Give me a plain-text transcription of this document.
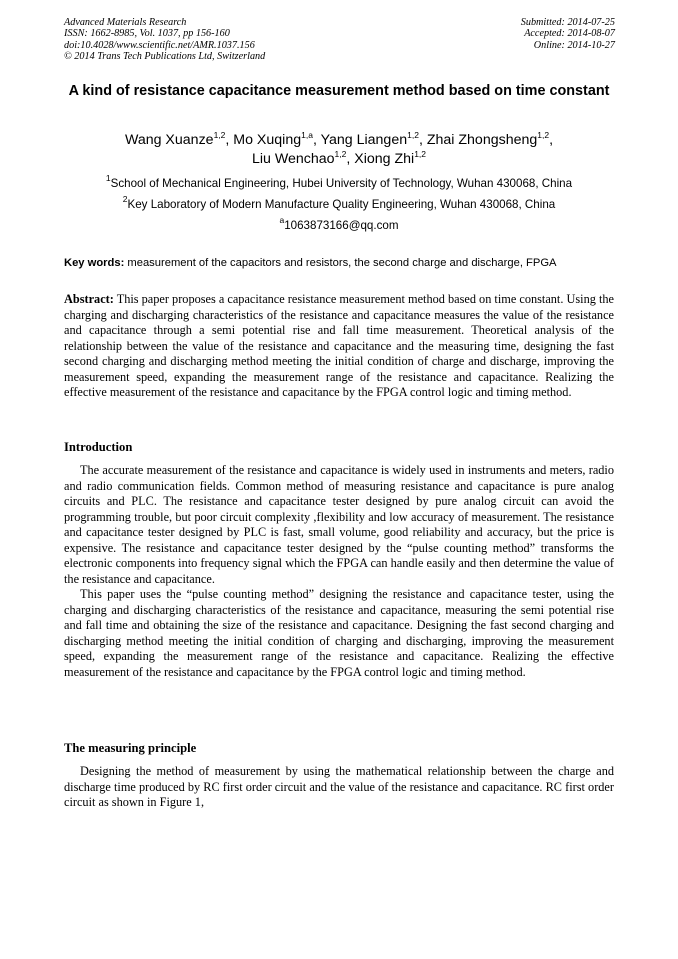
Advanced Materials Research
ISSN: 1662-8985, Vol. 1037, pp 156-160
doi:10.4028/www.scientific.net/AMR.1037.156
© 2014 Trans Tech Publications Ltd, Switzerland
Submitted: 2014-07-25
Accepted: 2014-08-07
Online: 2014-10-27
A kind of resistance capacitance measurement method based on time constant
Wang Xuanze$^{1,2}$, Mo Xuqing$^{1,a}$, Yang Liangen$^{1,2}$, Zhai Zhongsheng$^{1,2}$,
Liu Wenchao$^{1,2}$, Xiong Zhi$^{1,2}$
$^1$School of Mechanical Engineering, Hubei University of Technology, Wuhan 430068, China
$^2$Key Laboratory of Modern Manufacture Quality Engineering, Wuhan 430068, China
$^a$1063873166@qq.com
Key words: measurement of the capacitors and resistors, the second charge and discharge, FPGA
Abstract: This paper proposes a capacitance resistance measurement method based on time constant. Using the charging and discharging characteristics of the resistance and capacitance measures the value of the resistance and capacitance through a semi potential rise and fall time measurement. Theoretical analysis of the relationship between the value of the resistance and capacitance and the measuring time, designing the fast second charging and discharging method meeting the initial condition of charge and discharge, improving the measurement speed, expanding the measurement range of the resistance and capacitance. Realizing the effective measurement of the resistance and capacitance by the FPGA control logic and timing method.
Introduction

The accurate measurement of the resistance and capacitance is widely used in instruments and meters, radio and radio communication fields. Common method of measuring resistance and capacitance is pure analog circuits and PLC. The resistance and capacitance tester designed by pure analog circuit can avoid the programming trouble, but poor circuit complexity ,flexibility and low accuracy of measurement. The resistance and capacitance tester designed by PLC is fast, small volume, good reliability and accuracy, but the price is expensive. The resistance and capacitance tester designed by the “pulse counting method” transforms the electronic components into frequency signal which the FPGA can handle easily and then determine the value of the resistance and capacitance.

This paper uses the “pulse counting method” designing the resistance and capacitance tester, using the charging and discharging characteristics of the resistance and capacitance, measuring the semi potential rise and fall time and obtaining the size of the resistance and capacitance. Designing the fast second charging and discharging method meeting the initial condition of charging and discharging, improving the measurement speed, expanding the measurement range of the resistance and capacitance. Realizing the effective measurement of the resistance and capacitance by the FPGA control logic and timing method.

The measuring principle

Designing the method of measurement by using the mathematical relationship between the charge and discharge time produced by RC first order circuit and the value of the resistance and capacitance. RC first order circuit as shown in Figure 1,
